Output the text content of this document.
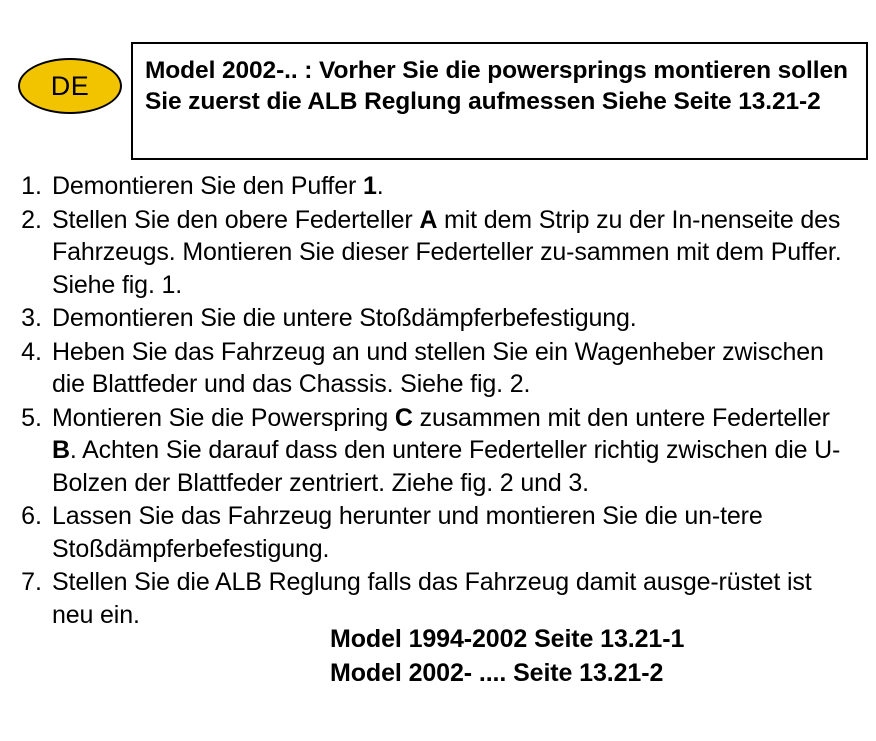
DE Model 2002-.. : Vorher Sie die powersprings montieren sollen Sie zuerst die ALB Reglung aufmessen Siehe Seite 13.21-2
1. Demontieren Sie den Puffer 1.
2. Stellen Sie den obere Federteller A mit dem Strip zu der In-nenseite des Fahrzeugs. Montieren Sie dieser Federteller zu-sammen mit dem Puffer. Siehe fig. 1.
3. Demontieren Sie die untere Stoßdämpferbefestigung.
4. Heben Sie das Fahrzeug an und stellen Sie ein Wagenheber zwischen die Blattfeder und das Chassis. Siehe fig. 2.
5. Montieren Sie die Powerspring C zusammen mit den untere Federteller B. Achten Sie darauf dass den untere Federteller richtig zwischen die U-Bolzen der Blattfeder zentriert. Ziehe fig. 2 und 3.
6. Lassen Sie das Fahrzeug herunter und montieren Sie die un-tere Stoßdämpferbefestigung.
7. Stellen Sie die ALB Reglung falls das Fahrzeug damit ausge-rüstet ist neu ein.
Model 1994-2002 Seite 13.21-1
Model 2002- .... Seite 13.21-2
